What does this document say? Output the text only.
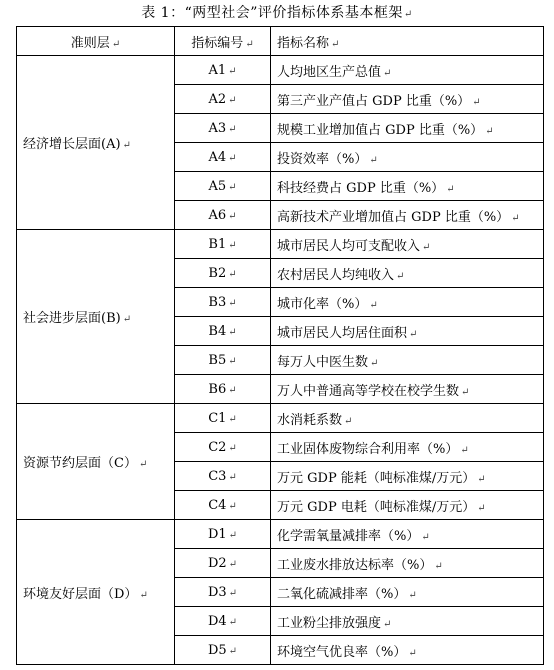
表 1：“两型社会”评价指标体系基本框架↵
准则层 ↵	指标编号 ↵	指标名称 ↵
经济增长层面(A) ↵	A1 ↵	人均地区生产总值 ↵
	A2 ↵	第三产业产值占 GDP 比重（%） ↵
	A3 ↵	规模工业增加值占 GDP 比重（%） ↵
	A4 ↵	投资效率（%） ↵
	A5 ↵	科技经费占 GDP 比重（%） ↵
	A6 ↵	高新技术产业增加值占 GDP 比重（%） ↵
社会进步层面(B) ↵	B1 ↵	城市居民人均可支配收入 ↵
	B2 ↵	农村居民人均纯收入 ↵
	B3 ↵	城市化率（%） ↵
	B4 ↵	城市居民人均居住面积 ↵
	B5 ↵	每万人中医生数 ↵
	B6 ↵	万人中普通高等学校在校学生数 ↵
资源节约层面（C） ↵	C1 ↵	水消耗系数 ↵
	C2 ↵	工业固体废物综合利用率（%） ↵
	C3 ↵	万元 GDP 能耗（吨标准煤/万元） ↵
	C4 ↵	万元 GDP 电耗（吨标准煤/万元） ↵
环境友好层面（D） ↵	D1 ↵	化学需氧量减排率（%） ↵
	D2 ↵	工业废水排放达标率（%） ↵
	D3 ↵	二氧化硫减排率（%） ↵
	D4 ↵	工业粉尘排放强度 ↵
	D5 ↵	环境空气优良率（%） ↵
